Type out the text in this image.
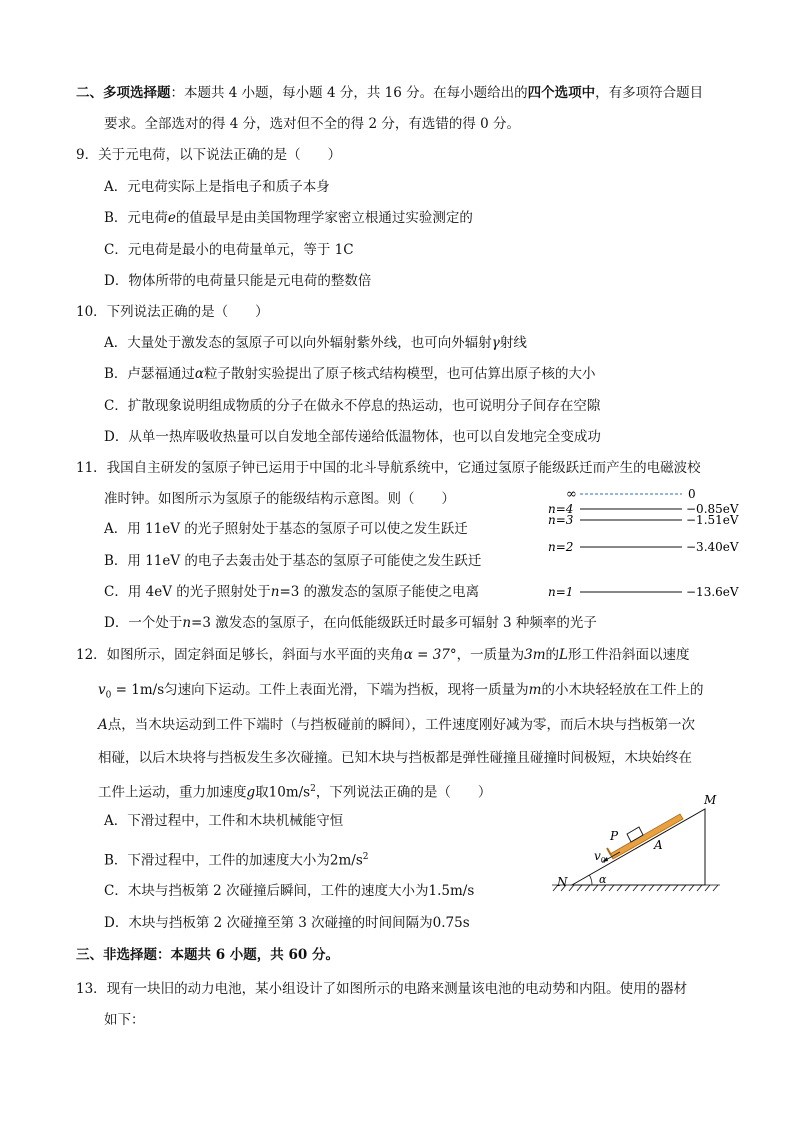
二、多项选择题：本题共 4 小题，每小题 4 分，共 16 分。在每小题给出的四个选项中，有多项符合题目
要求。全部选对的得 4 分，选对但不全的得 2 分，有选错的得 0 分。
9．关于元电荷，以下说法正确的是（　　）
A．元电荷实际上是指电子和质子本身
B．元电荷e的值最早是由美国物理学家密立根通过实验测定的
C．元电荷是最小的电荷量单元，等于 1C
D．物体所带的电荷量只能是元电荷的整数倍
10．下列说法正确的是（　　）
A．大量处于激发态的氢原子可以向外辐射紫外线，也可向外辐射γ射线
B．卢瑟福通过α粒子散射实验提出了原子核式结构模型，也可估算出原子核的大小
C．扩散现象说明组成物质的分子在做永不停息的热运动，也可说明分子间存在空隙
D．从单一热库吸收热量可以自发地全部传递给低温物体，也可以自发地完全变成功
11．我国自主研发的氢原子钟已运用于中国的北斗导航系统中，它通过氢原子能级跃迁而产生的电磁波校
准时钟。如图所示为氢原子的能级结构示意图。则（　　）
A．用 11eV 的光子照射处于基态的氢原子可以使之发生跃迁
B．用 11eV 的电子去轰击处于基态的氢原子可能使之发生跃迁
C．用 4eV 的光子照射处于n=3 的激发态的氢原子能使之电离
D．一个处于n=3 激发态的氢原子，在向低能级跃迁时最多可辐射 3 种频率的光子
∞	0
n=4	−0.85eV
n=3	−1.51eV
n=2	−3.40eV
n=1	−13.6eV
12．如图所示，固定斜面足够长，斜面与水平面的夹角α = 37°，一质量为3m的L形工件沿斜面以速度
$v_0 = 1m/s$匀速向下运动。工件上表面光滑，下端为挡板，现将一质量为m的小木块轻轻放在工件上的
A点，当木块运动到工件下端时（与挡板碰前的瞬间），工件速度刚好减为零，而后木块与挡板第一次
相碰，以后木块将与挡板发生多次碰撞。已知木块与挡板都是弹性碰撞且碰撞时间极短，木块始终在
工件上运动，重力加速度g取$10m/s^2$，下列说法正确的是（　　）
A．下滑过程中，工件和木块机械能守恒
B．下滑过程中，工件的加速度大小为$2m/s^2$
C．木块与挡板第 2 次碰撞后瞬间，工件的速度大小为1.5m/s
D．木块与挡板第 2 次碰撞至第 3 次碰撞的时间间隔为0.75s
M
N
P
A
$v_0$
α
三、非选择题：本题共 6 小题，共 60 分。
13．现有一块旧的动力电池，某小组设计了如图所示的电路来测量该电池的电动势和内阻。使用的器材
如下：
